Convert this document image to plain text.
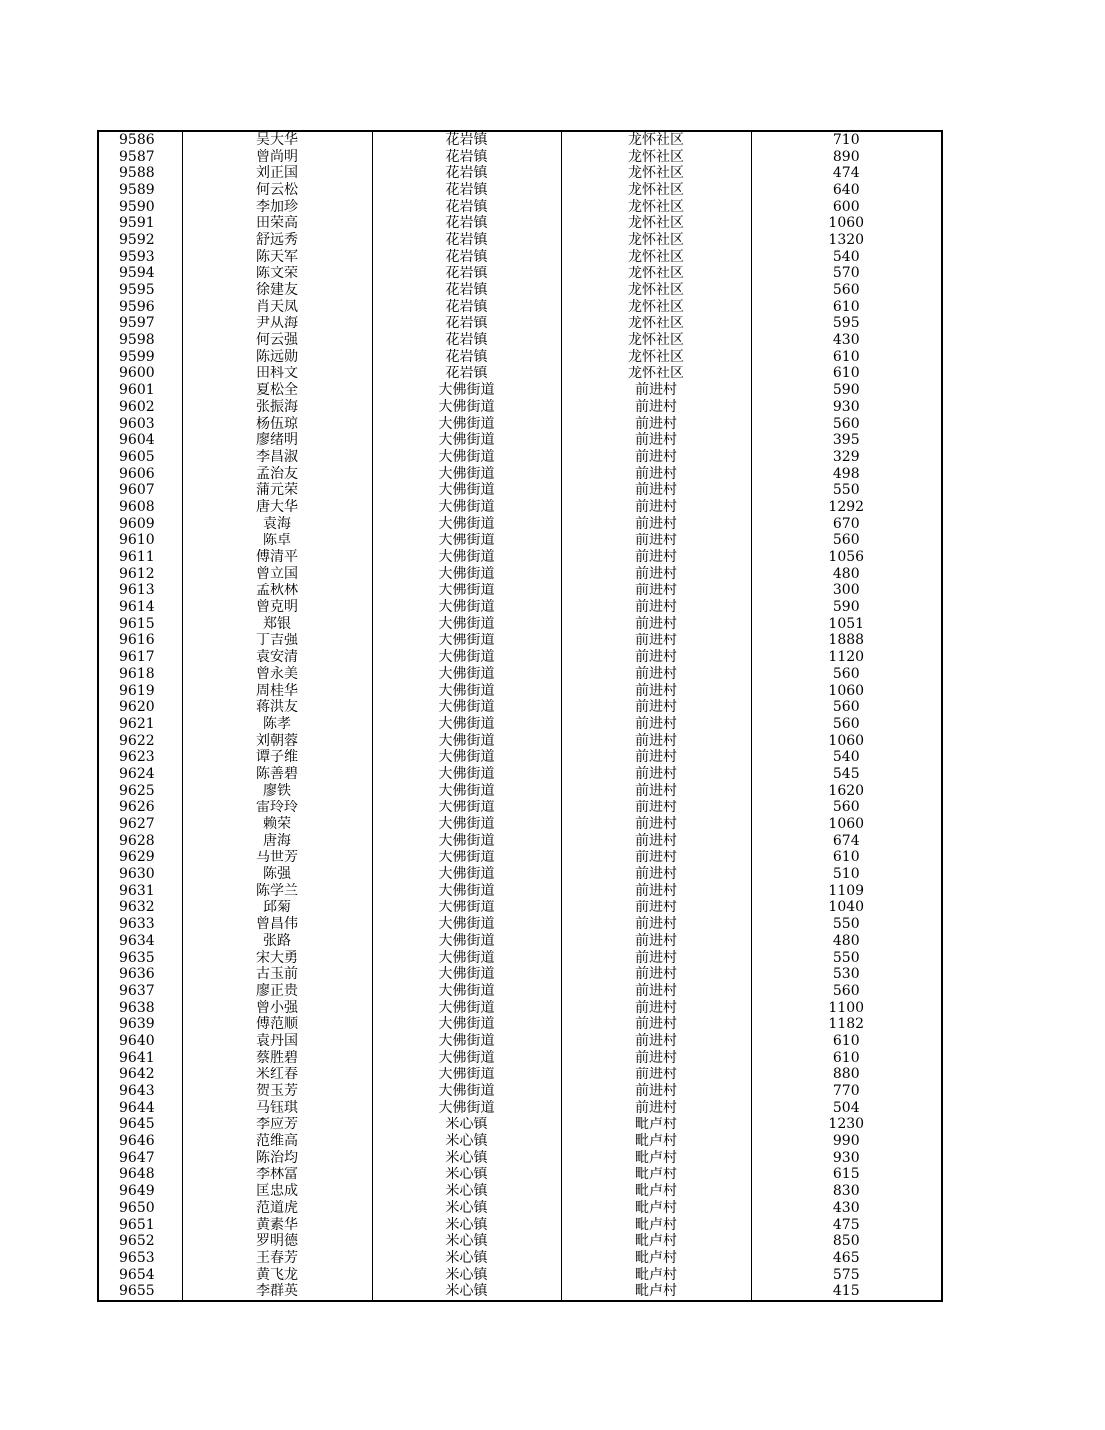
9586	吴大华	花岩镇	龙怀社区	710
9587	曾尚明	花岩镇	龙怀社区	890
9588	刘正国	花岩镇	龙怀社区	474
9589	何云松	花岩镇	龙怀社区	640
9590	李加珍	花岩镇	龙怀社区	600
9591	田荣高	花岩镇	龙怀社区	1060
9592	舒远秀	花岩镇	龙怀社区	1320
9593	陈天军	花岩镇	龙怀社区	540
9594	陈文荣	花岩镇	龙怀社区	570
9595	徐建友	花岩镇	龙怀社区	560
9596	肖天凤	花岩镇	龙怀社区	610
9597	尹从海	花岩镇	龙怀社区	595
9598	何云强	花岩镇	龙怀社区	430
9599	陈远勋	花岩镇	龙怀社区	610
9600	田科文	花岩镇	龙怀社区	610
9601	夏松全	大佛街道	前进村	590
9602	张振海	大佛街道	前进村	930
9603	杨伍琼	大佛街道	前进村	560
9604	廖绪明	大佛街道	前进村	395
9605	李昌淑	大佛街道	前进村	329
9606	孟治友	大佛街道	前进村	498
9607	蒲元荣	大佛街道	前进村	550
9608	唐大华	大佛街道	前进村	1292
9609	袁海	大佛街道	前进村	670
9610	陈卓	大佛街道	前进村	560
9611	傅清平	大佛街道	前进村	1056
9612	曾立国	大佛街道	前进村	480
9613	孟秋林	大佛街道	前进村	300
9614	曾克明	大佛街道	前进村	590
9615	郑银	大佛街道	前进村	1051
9616	丁吉强	大佛街道	前进村	1888
9617	袁安清	大佛街道	前进村	1120
9618	曾永美	大佛街道	前进村	560
9619	周桂华	大佛街道	前进村	1060
9620	蒋洪友	大佛街道	前进村	560
9621	陈孝	大佛街道	前进村	560
9622	刘朝蓉	大佛街道	前进村	1060
9623	谭子维	大佛街道	前进村	540
9624	陈善碧	大佛街道	前进村	545
9625	廖铁	大佛街道	前进村	1620
9626	雷玲玲	大佛街道	前进村	560
9627	赖荣	大佛街道	前进村	1060
9628	唐海	大佛街道	前进村	674
9629	马世芳	大佛街道	前进村	610
9630	陈强	大佛街道	前进村	510
9631	陈学兰	大佛街道	前进村	1109
9632	邱菊	大佛街道	前进村	1040
9633	曾昌伟	大佛街道	前进村	550
9634	张路	大佛街道	前进村	480
9635	宋大勇	大佛街道	前进村	550
9636	古玉前	大佛街道	前进村	530
9637	廖正贵	大佛街道	前进村	560
9638	曾小强	大佛街道	前进村	1100
9639	傅范顺	大佛街道	前进村	1182
9640	袁丹国	大佛街道	前进村	610
9641	蔡胜碧	大佛街道	前进村	610
9642	米红春	大佛街道	前进村	880
9643	贺玉芳	大佛街道	前进村	770
9644	马钰琪	大佛街道	前进村	504
9645	李应芳	米心镇	毗卢村	1230
9646	范维高	米心镇	毗卢村	990
9647	陈治均	米心镇	毗卢村	930
9648	李林富	米心镇	毗卢村	615
9649	匡忠成	米心镇	毗卢村	830
9650	范道虎	米心镇	毗卢村	430
9651	黄素华	米心镇	毗卢村	475
9652	罗明德	米心镇	毗卢村	850
9653	王春芳	米心镇	毗卢村	465
9654	黄飞龙	米心镇	毗卢村	575
9655	李群英	米心镇	毗卢村	415
